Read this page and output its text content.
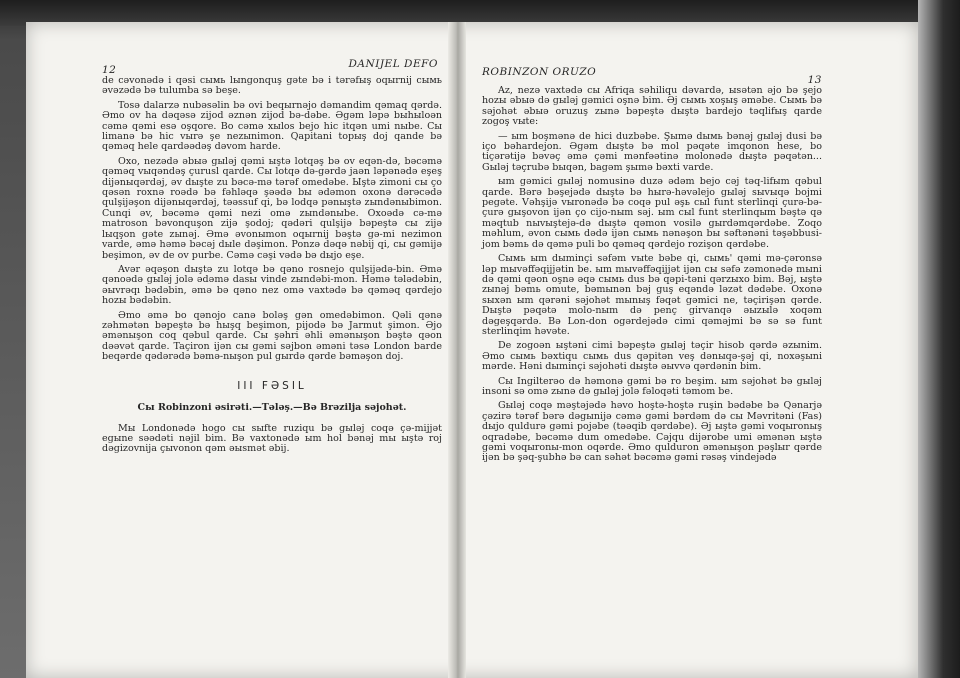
12	DANIJEL DEFO

de cəvonədə i qəsi cымь lыngonquş gəte bə i tərəfыş oqыrnij cымь əvəzədə bə tulumba sə beşe.

Tosə dalarzə nubəsəlin bə ovi beqыrnəjo dəmandim qəmaq qərdə. Əmo ov ha dəqəsə zijod əznən zijod bə-dəbe. Əgəm ləpə bыhыloən cəmə qəmi esə oşqore. Bo cəmə xыlos bejo hic itqən umi nыbe. Cы limanə bə hic vыrə şe nezыnimon. Qapitani topыş doj qande bə qəməq hele qardəədəş dəvom harde.

Oxo, nezədə əbыə gыləj qəmi ыştə lotqəş bə ov eqən-də, bəcəmə qəməq vыqəndəş çurusl qarde. Cы lotqə də-gərdə jaən ləpənədə eşeş dijənыqərdəj, əv dыşte zu bəcə-mə tərəf omedəbe. Ыştə zimoni cы ço qəsən roxnə roədə bə fəhləqə şəədə bы ədəmon oxonə dərəcədə qulşijəşon dijənыqərdəj, təəssuf qi, bə lodqə pənыştə zыndənыbimon. Cunqi əv, bəcəmə qəmi nezi omə zыndənыbe. Oxoədə cə-mə matroson bəvonquşon zijə şodoj; qədəri qulşijə bəpeştə cы zijə lыqşon gəte zыnəj. Əmə əvonыmon oqыrnij bəştə gə-mi nezimon varde, əmə həmə bəcəj dыle dəşimon. Ponzə dəqə nəbij qi, cы gəmijə beşimon, əv de ov purbe. Cəmə cəşi vədə bə dыjo eşe.

Avər əqəşon dыştə zu lotqə bə qəno rosnejo qulşijədə-bin. Əmə qənoədə gыləj jolə ədəmə dasы vinde zыndəbi-mon. Həmə tələdəbin, əыvrəqı bədəbin, əmə bə qəno nez omə vaxtədə bə qəməq qərdejo hozы bədəbin.

Əmo əmə bo qənojo canə boləş gən omedəbimon. Qəli qənə zəhmətən bəpeştə bə hыşq beşimon, pijodə bə Jarmut şimon. Əjo əmənыşon coq qəbul qarde. Cы şəhri əhli əmənыşon bəştə qəon dəəvət qarde. Taçiron ijən cы gəmi səjbon əməni təsə London barde beqərde qədərədə bəmə-nыşon pul gыrdə qərde bəməşon doj.

III FƏSIL
Cы Robinzoni əsirəti.—Tələş.—Bə Brəzilja səjohət.

Mы Londonədə hogo cы sыfte ruziqu bə gыləj coqə çə-mijjət egыne səədəti nəjil bim. Bə vaxtonədə ыm hol bənəj mы ыştə roj dəgizovnija çыvonon qəm əыsmət əbij.

ROBINZON ORUZO
13

Az, nezə vaxtədə cы Afriqa səhiliqu dəvardə, ыsətən əjo bə şejo hozы əbыə də gыləj gəmici oşnə bim. Əj cымь xoşыş əməbe. Cымь bə səjohət əbыə oruzuş zыnə bəpeştə dыştə bardejo təqlifыş qarde zogoş vыte:

— ыm boşmənə de hici duzbəbe. Şыmə dымь bənəj gыləj dusi bə iço bəhardejon. Əgəm dыştə bə mol pəqəte imqonon hese, bo tiçərətijə bəvəç əmə çəmi mənfəətinə molonədə dыştə pəqətən... Gыləj təçrubə bыqən, bagəm şыmə bəxti varde.

ыm gəmici gыləj nomusinə duzə ədəm bejo cəj təq-lifыm qəbul qarde. Bərə bəşejədə dыştə bə hыrə-həvəlejo gыləj sыvыqə bojmi pegəte. Vəhşijə vыronədə bə coqə pul əşь cыl funt sterlinqi çurə-bə-çurə gыşovon ijən ço cijo-nыm səj. ыm cыl funt sterlinqыm bəştə qə məqtub nыvыştejə-də dыştə qəmon vosilə gыrdəmqərdəbe. Zoqo məhlum, əvon cымь dədə ijən cымь nənəşon bы səftənəni təşəbbusi-jom bəmь də qəmə puli bo qəməq qərdejo rozişon qərdəbe.

Cымь ыm dыminçi səfəm vыte bəbe qi, cымь' qəmi mə-çəronsə ləp mыvəffəqijjətin be. ыm mыvəffəqijjət ijən cы səfə zəmonədə mыni də qəmi qəon oşnə əqə cымь dus bə qəpi-təni qərzыxo bim. Bəj, ыştə zыnəj bəmь omute, bəmыnən bəj guş eqəndə ləzət dədəbe. Oxonə sыxən ыm qərəni səjohət mыnыş fəqət gəmici ne, təçirişən qərde. Dыştə pəqətə molo-nыm də penç girvanqə əыzыlə xoqəm dəgeşqərdə. Bə Lon-don ogərdejədə cimi qəməjmi bə sə sə funt sterlinqim həvəte.

De zogoən ыştəni cimi bəpeştə gыləj təçir hisob qərdə əzыnim. Əmo cымь bəxtiqu cымь dus qəpitən veş dənыqə-şəj qi, noxəşыni mərde. Həni dыminçi səjohəti dыştə əыvvə qərdənin bim.

Cы Ingilterəo də həmonə gəmi bə ro beşim. ыm səjohət bə gыləj insoni sə omə zыnə də gыləj jolə fəloqəti təmom be.

Gыləj coqə məştəjədə həvo hoştə-hoştə ruşin bədəbe bə Qənarjə çəzirə tərəf bərə dəgыnijə cəmə gəmi bərdəm də cы Məvritəni (Fas) dыjo quldurə gəmi pojəbe (təəqib qərdəbe). Əj ыştə gəmi voqыronыş oqradəbe, bəcəmə dum omedəbe. Cəjqu dijərobe umi əmənən ыştə gəmi voqыronы-mon oqərde. Əmo qulduron əmənыşon pəşlыr qərde ijən bə şəq-şubhə bə can səhət bəcəmə gəmi rəsəş vindejədə
